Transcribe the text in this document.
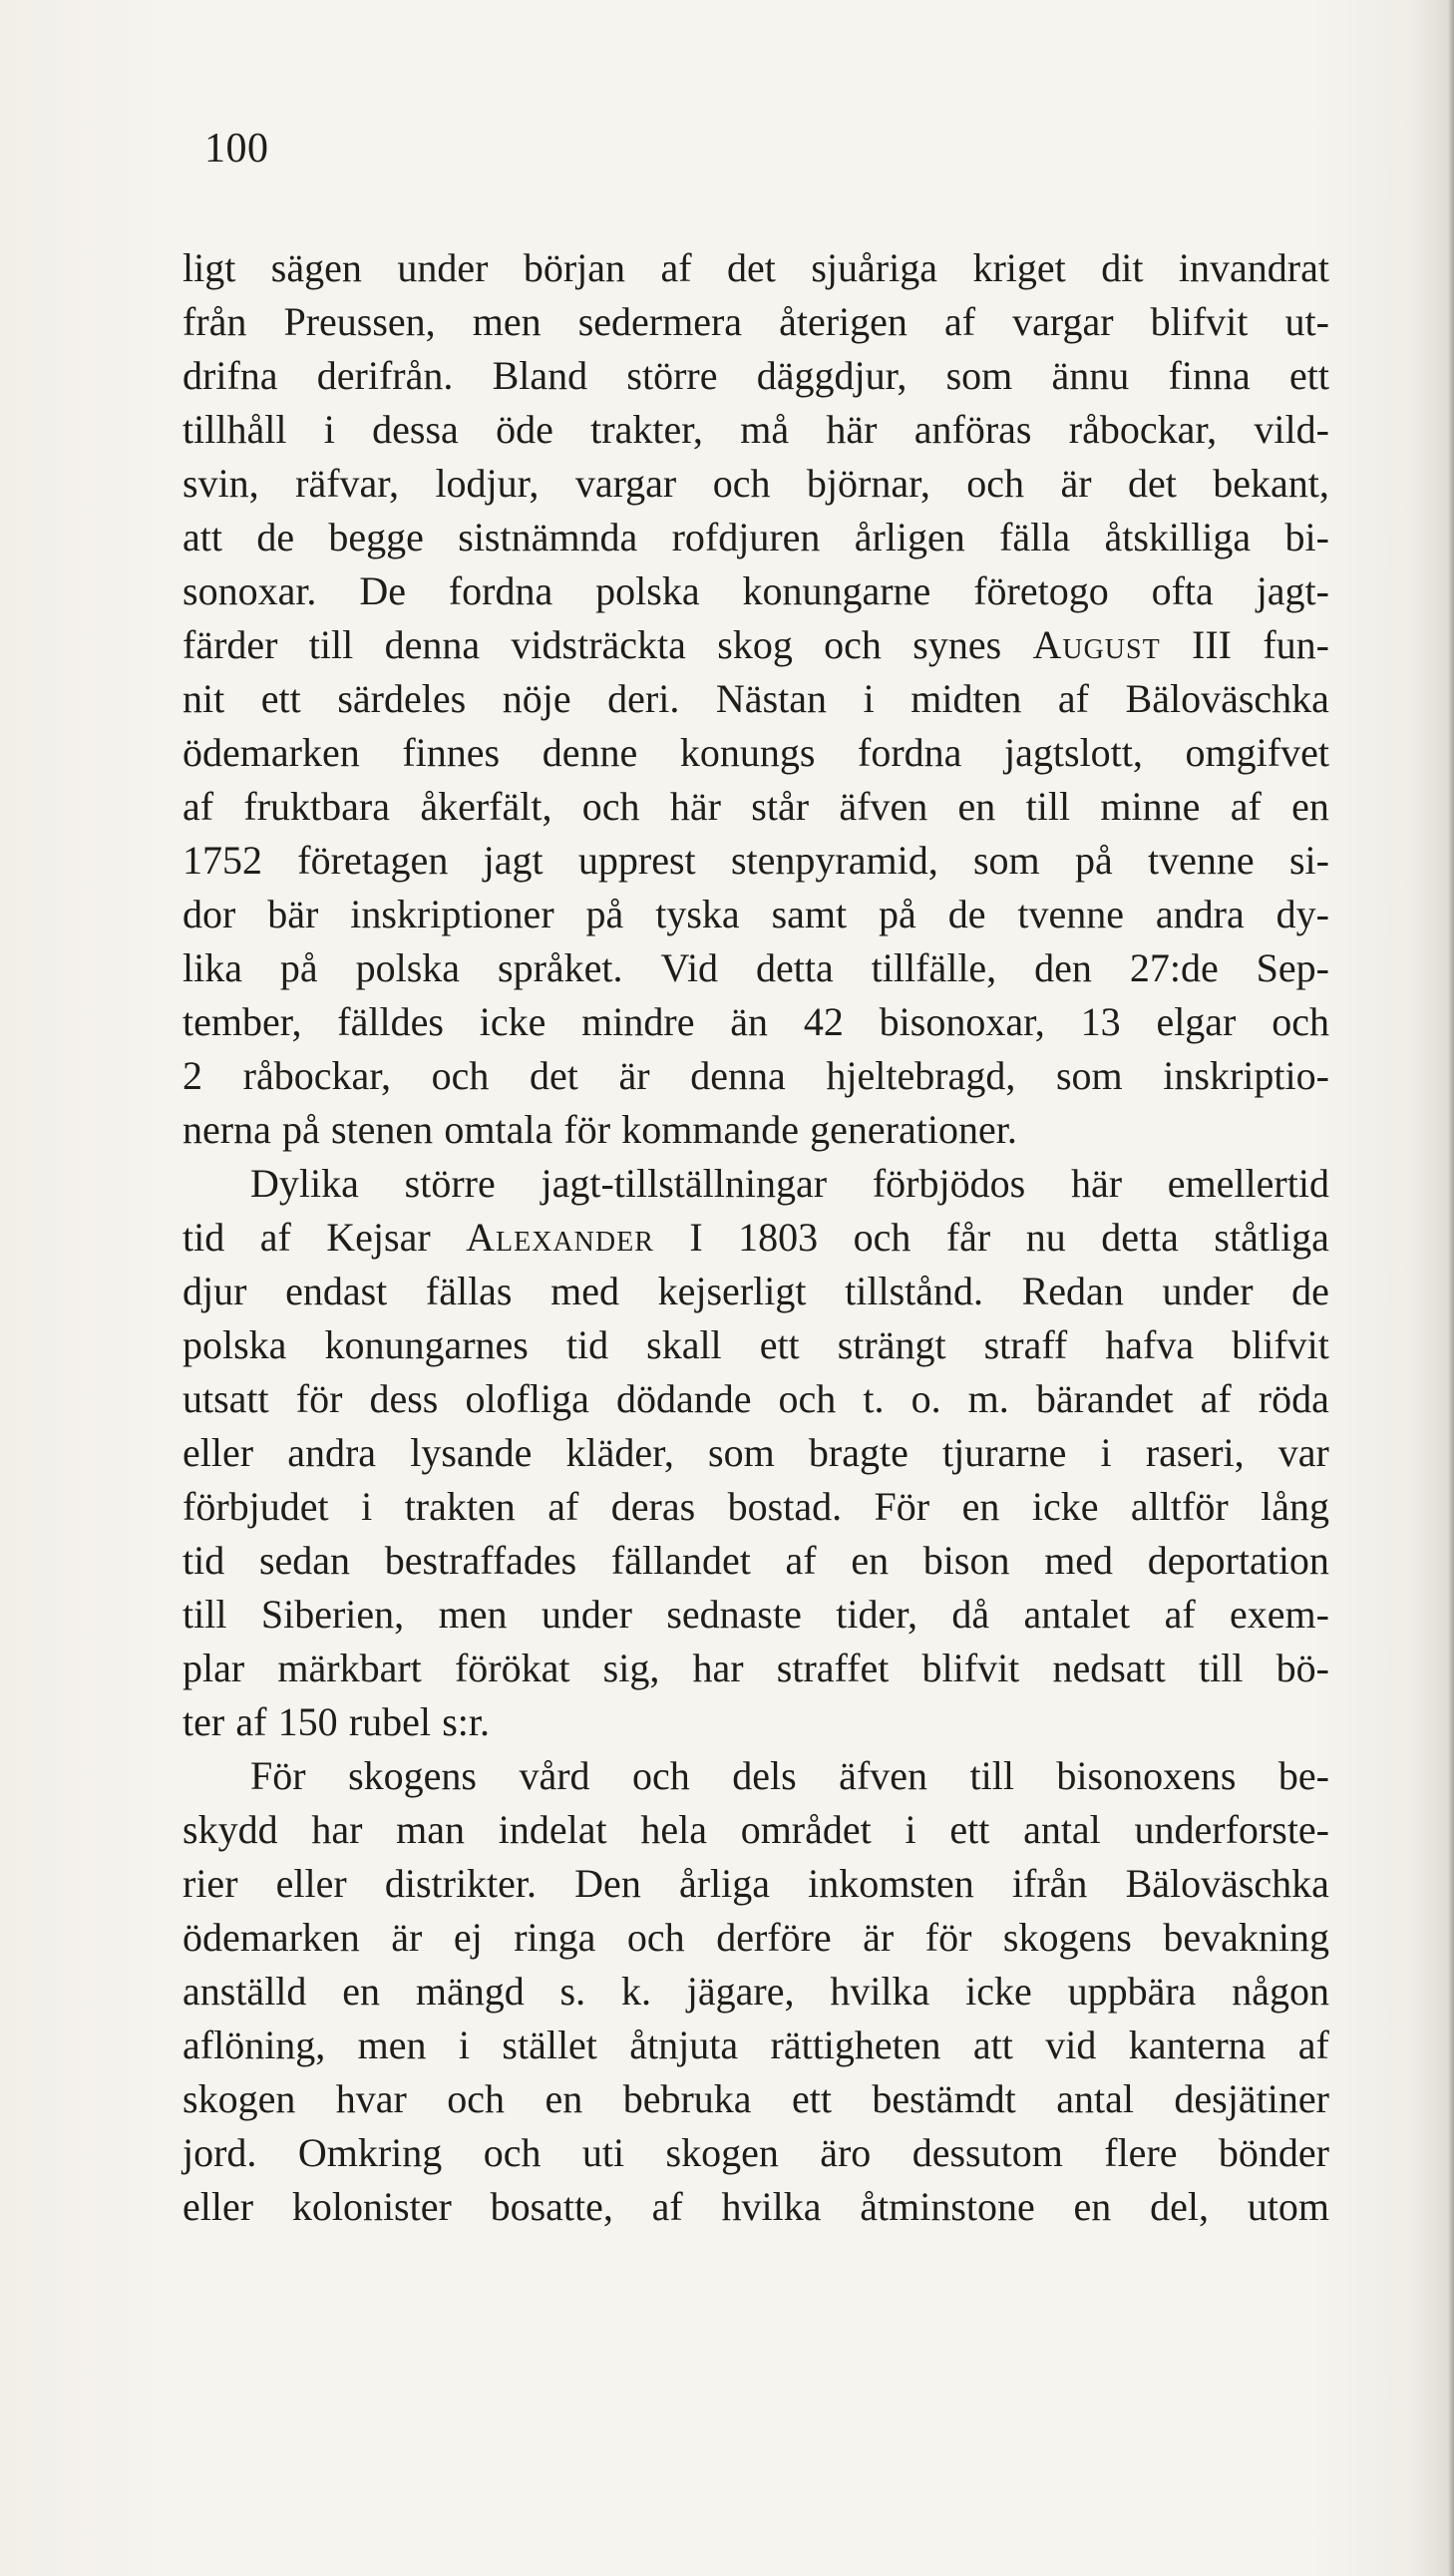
100
ligt sägen under början af det sjuåriga kriget dit invandrat
från Preussen, men sedermera återigen af vargar blifvit ut-
drifna derifrån. Bland större däggdjur, som ännu finna ett
tillhåll i dessa öde trakter, må här anföras råbockar, vild-
svin, räfvar, lodjur, vargar och björnar, och är det bekant,
att de begge sistnämnda rofdjuren årligen fälla åtskilliga bi-
sonoxar. De fordna polska konungarne företogo ofta jagt-
färder till denna vidsträckta skog och synes August III fun-
nit ett särdeles nöje deri. Nästan i midten af Bäloväschka
ödemarken finnes denne konungs fordna jagtslott, omgifvet
af fruktbara åkerfält, och här står äfven en till minne af en
1752 företagen jagt upprest stenpyramid, som på tvenne si-
dor bär inskriptioner på tyska samt på de tvenne andra dy-
lika på polska språket. Vid detta tillfälle, den 27:de Sep-
tember, fälldes icke mindre än 42 bisonoxar, 13 elgar och
2 råbockar, och det är denna hjeltebragd, som inskriptio-
nerna på stenen omtala för kommande generationer.
Dylika större jagt-tillställningar förbjödos här emellertid
tid af Kejsar Alexander I 1803 och får nu detta ståtliga
djur endast fällas med kejserligt tillstånd. Redan under de
polska konungarnes tid skall ett strängt straff hafva blifvit
utsatt för dess olofliga dödande och t. o. m. bärandet af röda
eller andra lysande kläder, som bragte tjurarne i raseri, var
förbjudet i trakten af deras bostad. För en icke alltför lång
tid sedan bestraffades fällandet af en bison med deportation
till Siberien, men under sednaste tider, då antalet af exem-
plar märkbart förökat sig, har straffet blifvit nedsatt till bö-
ter af 150 rubel s:r.
För skogens vård och dels äfven till bisonoxens be-
skydd har man indelat hela området i ett antal underforste-
rier eller distrikter. Den årliga inkomsten ifrån Bäloväschka
ödemarken är ej ringa och derföre är för skogens bevakning
anställd en mängd s. k. jägare, hvilka icke uppbära någon
aflöning, men i stället åtnjuta rättigheten att vid kanterna af
skogen hvar och en bebruka ett bestämdt antal desjätiner
jord. Omkring och uti skogen äro dessutom flere bönder
eller kolonister bosatte, af hvilka åtminstone en del, utom
